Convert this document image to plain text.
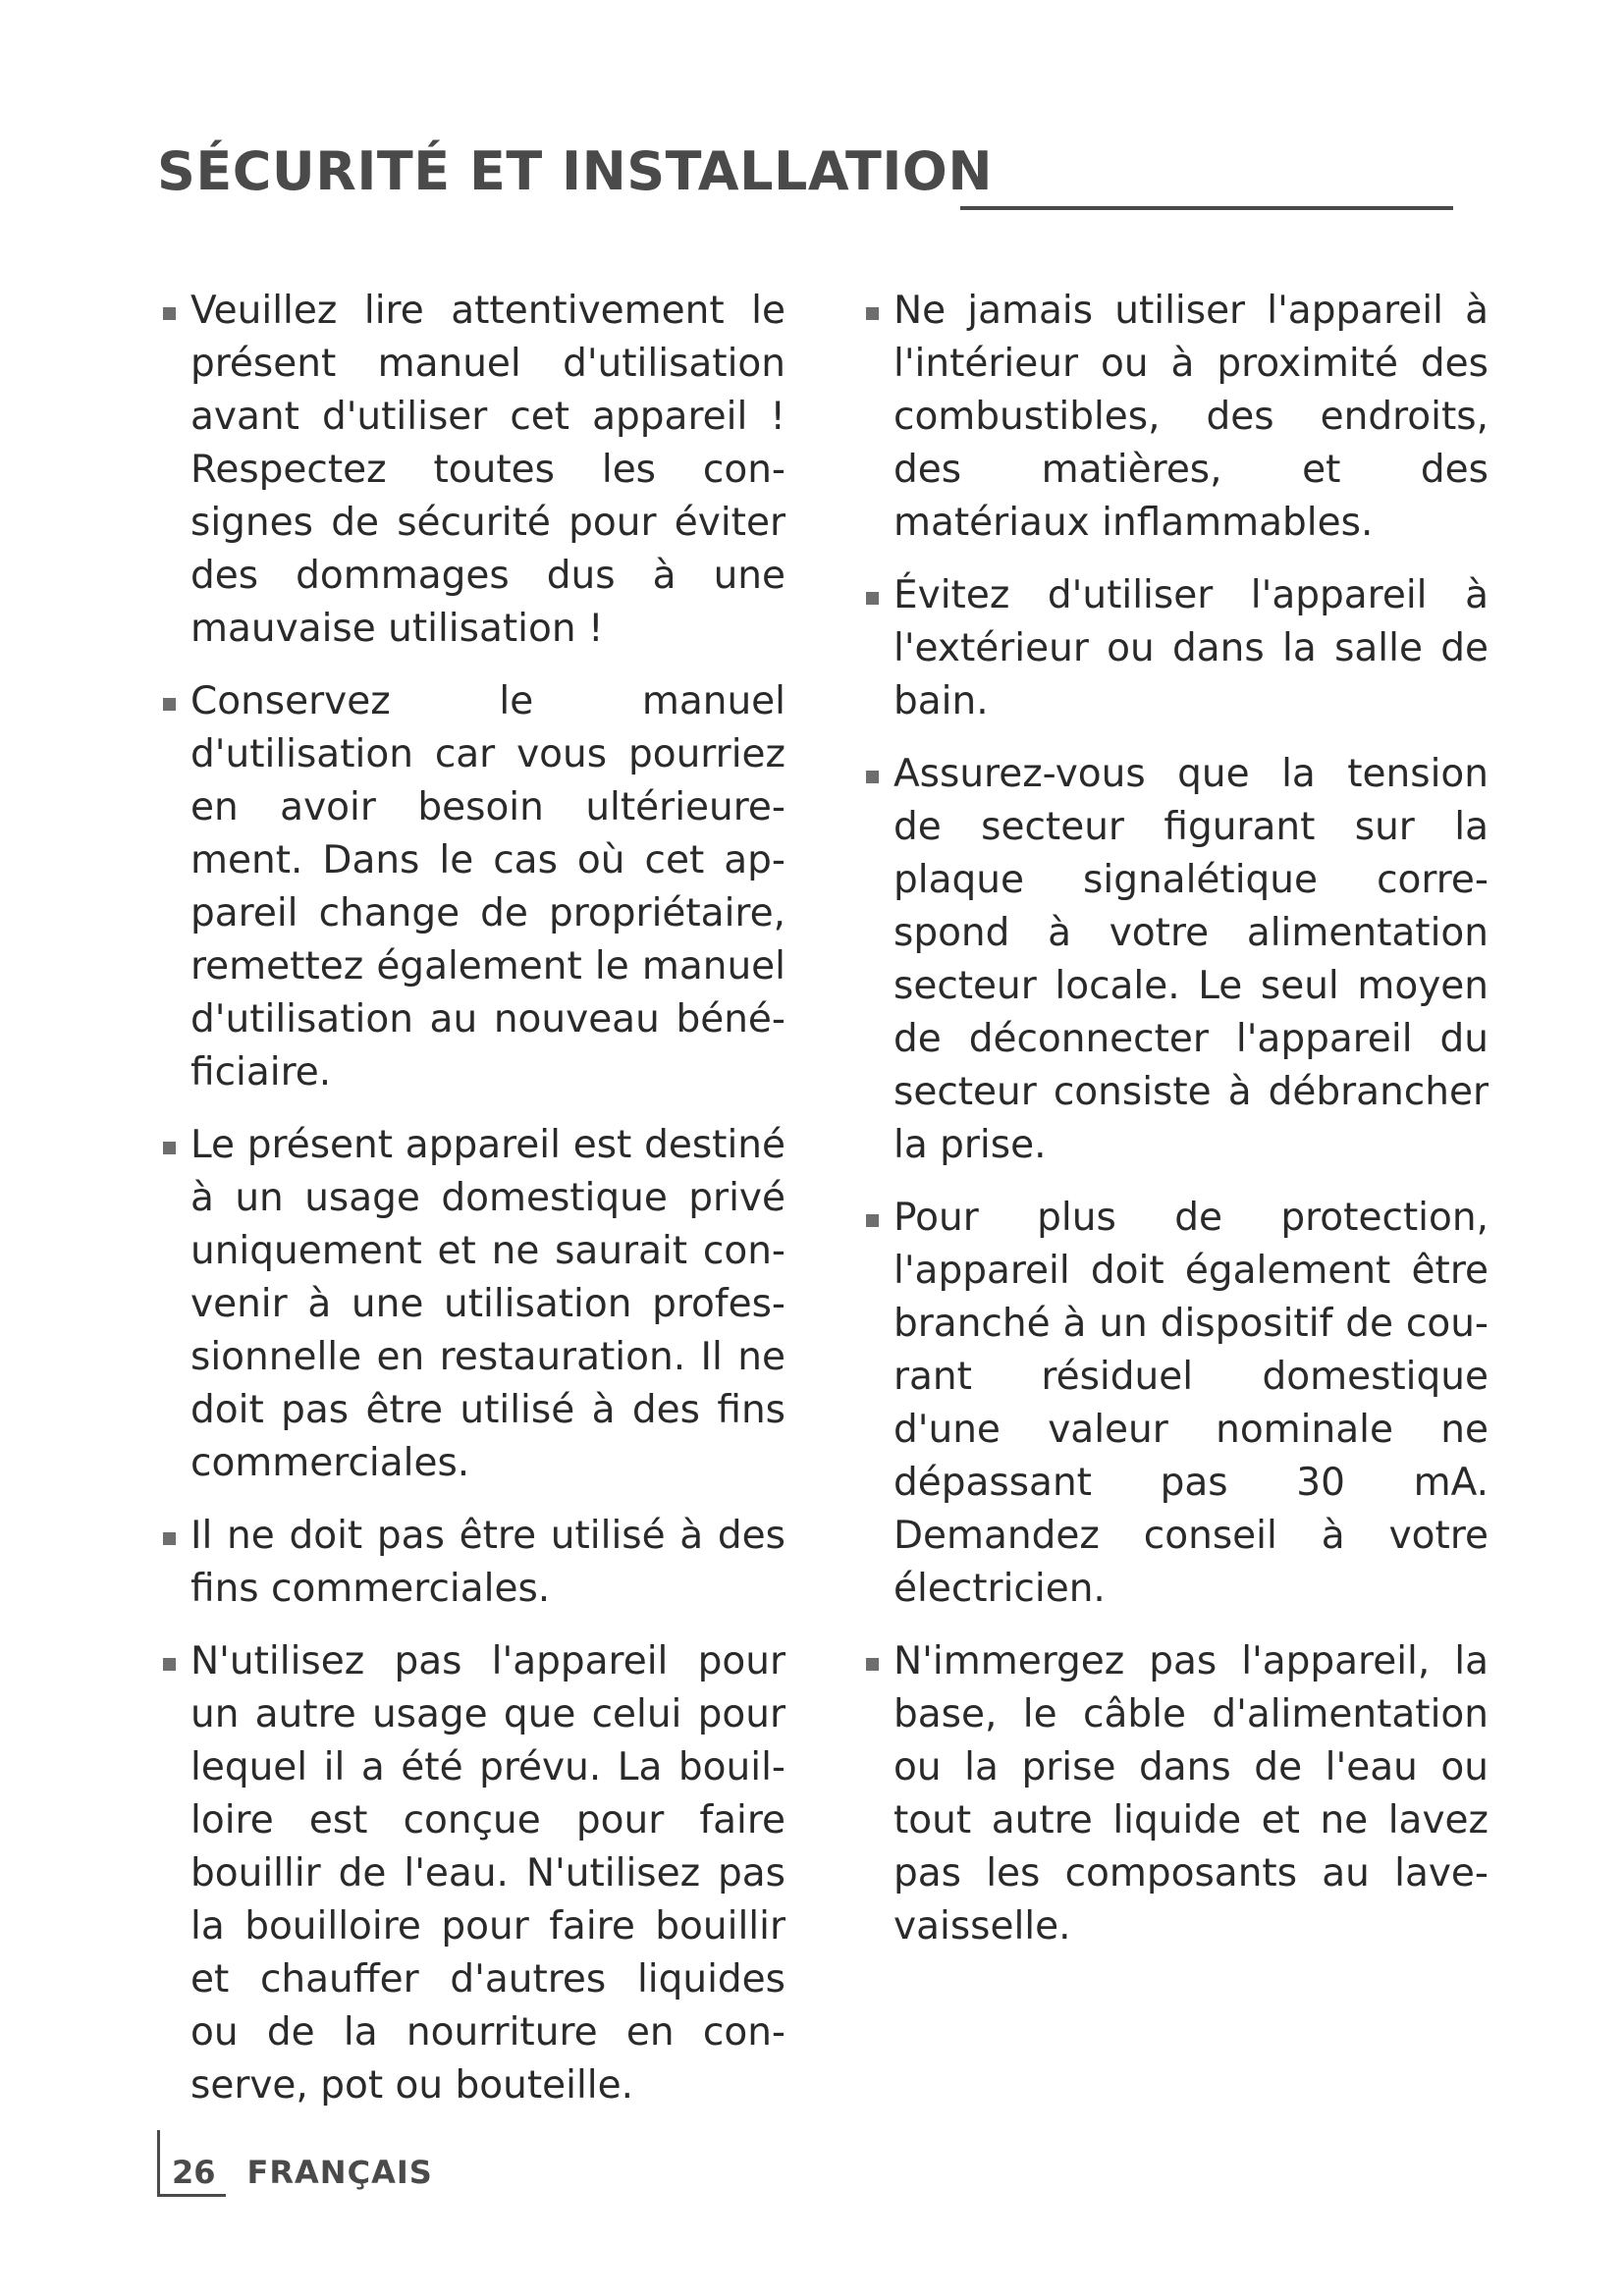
SÉCURITÉ ET INSTALLATION

Veuillez lire attentivement le présent manuel d'utilisation avant d'utiliser cet appareil ! Respectez toutes les consignes de sécurité pour éviter des dommages dus à une mauvaise utilisation !

Conservez le manuel d'utilisation car vous pourriez en avoir besoin ultérieurement. Dans le cas où cet appareil change de propriétaire, remettez également le manuel d'utilisation au nouveau bénéficiaire.

Le présent appareil est destiné à un usage domestique privé uniquement et ne saurait convenir à une utilisation professionnelle en restauration. Il ne doit pas être utilisé à des fins commerciales.

Il ne doit pas être utilisé à des fins commerciales.

N'utilisez pas l'appareil pour un autre usage que celui pour lequel il a été prévu. La bouilloire est conçue pour faire bouillir de l'eau. N'utilisez pas la bouilloire pour faire bouillir et chauffer d'autres liquides ou de la nourriture en conserve, pot ou bouteille.

Ne jamais utiliser l'appareil à l'intérieur ou à proximité des combustibles, des endroits, des matières, et des matériaux inflammables.

Évitez d'utiliser l'appareil à l'extérieur ou dans la salle de bain.

Assurez-vous que la tension de secteur figurant sur la plaque signalétique correspond à votre alimentation secteur locale. Le seul moyen de déconnecter l'appareil du secteur consiste à débrancher la prise.

Pour plus de protection, l'appareil doit également être branché à un dispositif de courant résiduel domestique d'une valeur nominale ne dépassant pas 30 mA. Demandez conseil à votre électricien.

N'immergez pas l'appareil, la base, le câble d'alimentation ou la prise dans de l'eau ou tout autre liquide et ne lavez pas les composants au lavevaisselle.

26	FRANÇAIS
